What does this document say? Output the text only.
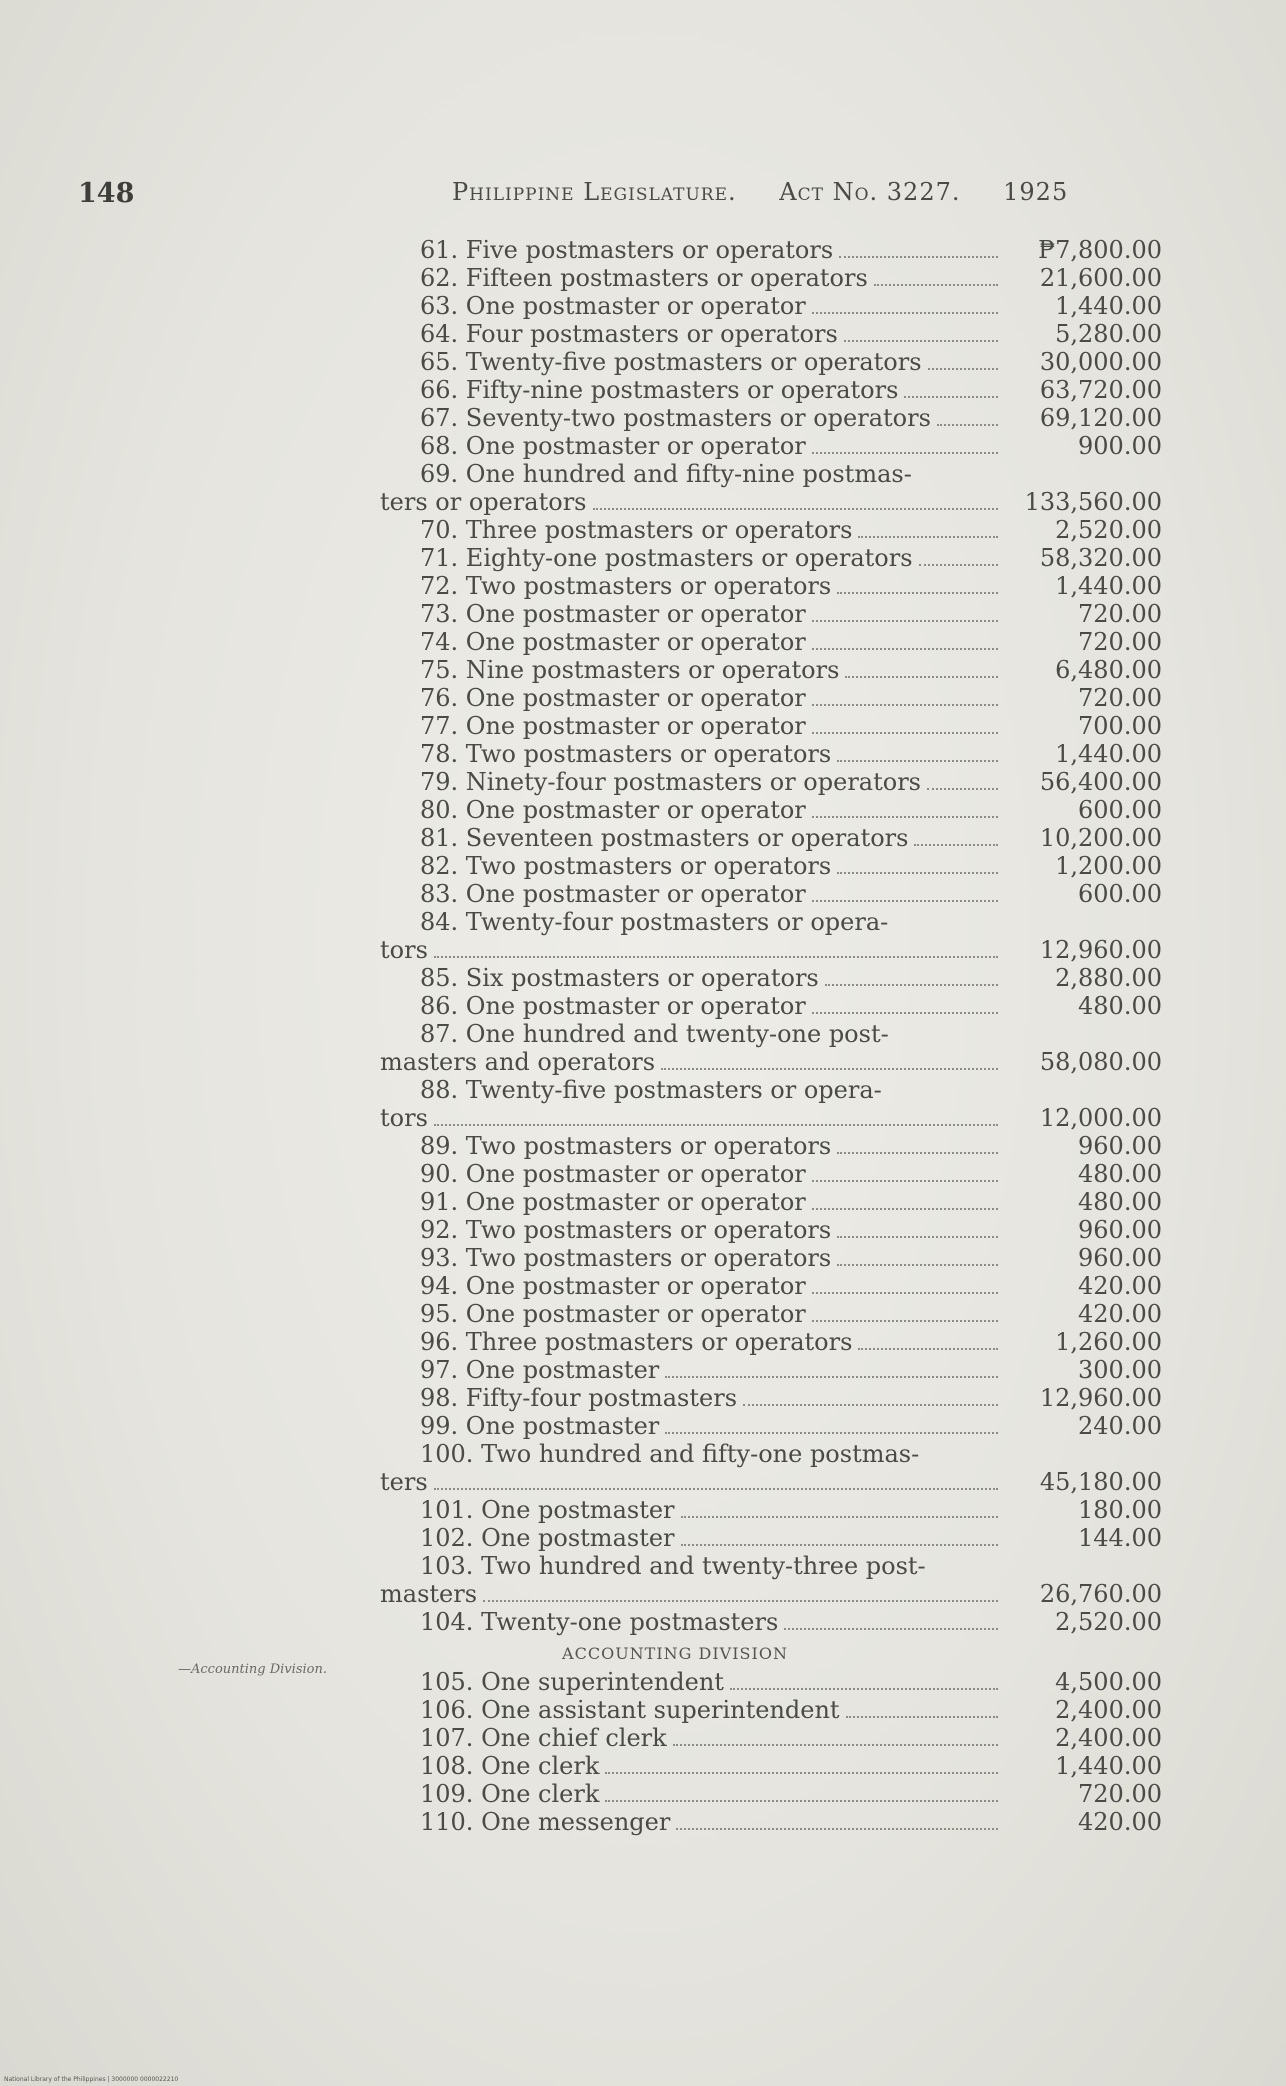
148	Philippine Legislature. Act No. 3227. 1925
—Accounting Division.
61. Five postmasters or operators	₱7,800.00
62. Fifteen postmasters or operators	21,600.00
63. One postmaster or operator	1,440.00
64. Four postmasters or operators	5,280.00
65. Twenty-five postmasters or operators	30,000.00
66. Fifty-nine postmasters or operators	63,720.00
67. Seventy-two postmasters or operators	69,120.00
68. One postmaster or operator	900.00
69. One hundred and fifty-nine postmas-
ters or operators	133,560.00
70. Three postmasters or operators	2,520.00
71. Eighty-one postmasters or operators	58,320.00
72. Two postmasters or operators	1,440.00
73. One postmaster or operator	720.00
74. One postmaster or operator	720.00
75. Nine postmasters or operators	6,480.00
76. One postmaster or operator	720.00
77. One postmaster or operator	700.00
78. Two postmasters or operators	1,440.00
79. Ninety-four postmasters or operators	56,400.00
80. One postmaster or operator	600.00
81. Seventeen postmasters or operators	10,200.00
82. Two postmasters or operators	1,200.00
83. One postmaster or operator	600.00
84. Twenty-four postmasters or opera-
tors	12,960.00
85. Six postmasters or operators	2,880.00
86. One postmaster or operator	480.00
87. One hundred and twenty-one post-
masters and operators	58,080.00
88. Twenty-five postmasters or opera-
tors	12,000.00
89. Two postmasters or operators	960.00
90. One postmaster or operator	480.00
91. One postmaster or operator	480.00
92. Two postmasters or operators	960.00
93. Two postmasters or operators	960.00
94. One postmaster or operator	420.00
95. One postmaster or operator	420.00
96. Three postmasters or operators	1,260.00
97. One postmaster	300.00
98. Fifty-four postmasters	12,960.00
99. One postmaster	240.00
100. Two hundred and fifty-one postmas-
ters	45,180.00
101. One postmaster	180.00
102. One postmaster	144.00
103. Two hundred and twenty-three post-
masters	26,760.00
104. Twenty-one postmasters	2,520.00
ACCOUNTING DIVISION
105. One superintendent	4,500.00
106. One assistant superintendent	2,400.00
107. One chief clerk	2,400.00
108. One clerk	1,440.00
109. One clerk	720.00
110. One messenger	420.00
National Library of the Philippines | 3000000 0000022210
